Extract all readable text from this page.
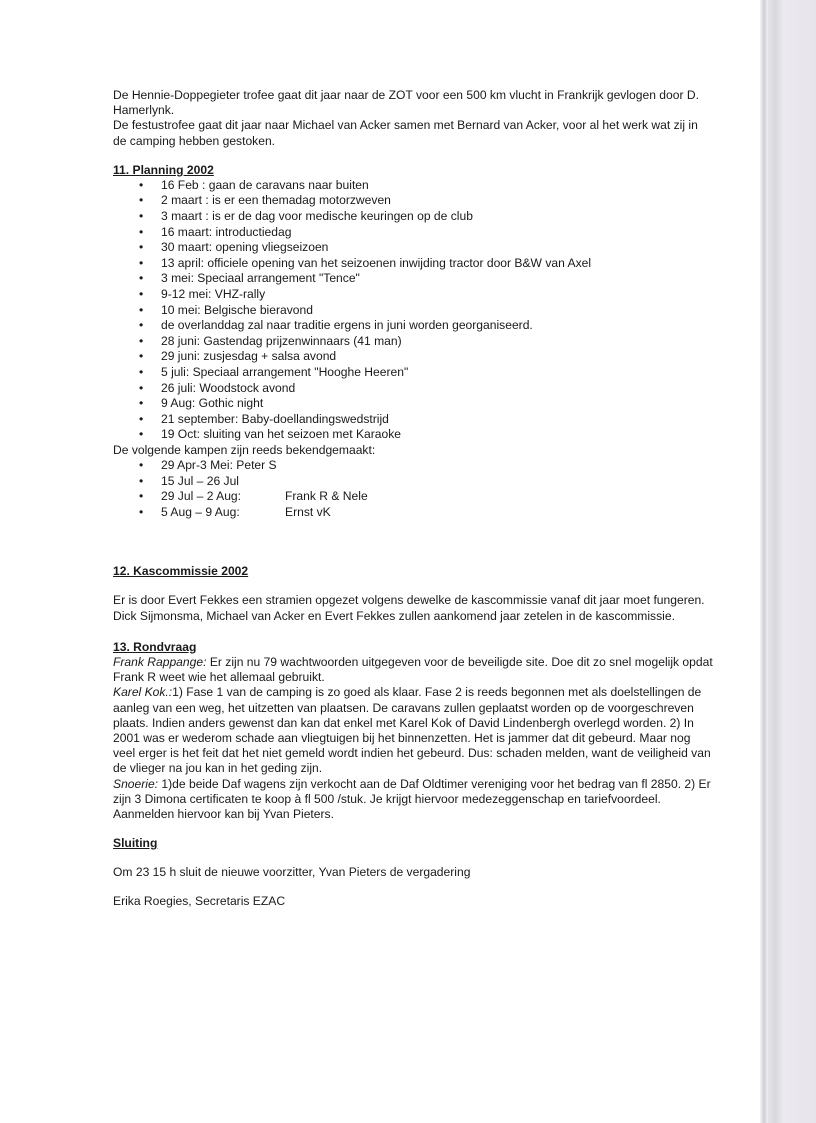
De Hennie-Doppegieter trofee gaat dit jaar naar de ZOT voor een 500 km vlucht in Frankrijk gevlogen door D. Hamerlynk.

De festustrofee gaat dit jaar naar Michael van Acker samen met Bernard van Acker, voor al het werk wat zij in de camping hebben gestoken.

11. Planning 2002
• 16 Feb : gaan de caravans naar buiten
• 2 maart : is er een themadag motorzweven
• 3 maart : is er de dag voor medische keuringen op de club
• 16 maart: introductiedag
• 30 maart: opening vliegseizoen
• 13 april: officiele opening van het seizoenen inwijding tractor door B&W van Axel
• 3 mei: Speciaal arrangement "Tence"
• 9-12 mei: VHZ-rally
• 10 mei: Belgische bieravond
• de overlanddag zal naar traditie ergens in juni worden georganiseerd.
• 28 juni: Gastendag prijzenwinnaars (41 man)
• 29 juni: zusjesdag + salsa avond
• 5 juli: Speciaal arrangement "Hooghe Heeren"
• 26 juli: Woodstock avond
• 9 Aug: Gothic night
• 21 september: Baby-doellandingswedstrijd
• 19 Oct: sluiting van het seizoen met Karaoke

De volgende kampen zijn reeds bekendgemaakt:

• 29 Apr-3 Mei: Peter S
• 15 Jul – 26 Jul
• 29 Jul – 2 Aug:	Frank R & Nele
• 5 Aug – 9 Aug:	Ernst vK
12. Kascommissie 2002

Er is door Evert Fekkes een stramien opgezet volgens dewelke de kascommissie vanaf dit jaar moet fungeren. Dick Sijmonsma, Michael van Acker en Evert Fekkes zullen aankomend jaar zetelen in de kascommissie.

13. Rondvraag

Frank Rappange: Er zijn nu 79 wachtwoorden uitgegeven voor de beveiligde site. Doe dit zo snel mogelijk opdat Frank R weet wie het allemaal gebruikt.

Karel Kok.:1) Fase 1 van de camping is zo goed als klaar. Fase 2 is reeds begonnen met als doelstellingen de aanleg van een weg, het uitzetten van plaatsen. De caravans zullen geplaatst worden op de voorgeschreven plaats. Indien anders gewenst dan kan dat enkel met Karel Kok of David Lindenbergh overlegd worden. 2) In 2001 was er wederom schade aan vliegtuigen bij het binnenzetten. Het is jammer dat dit gebeurd. Maar nog veel erger is het feit dat het niet gemeld wordt indien het gebeurd. Dus: schaden melden, want de veiligheid van de vlieger na jou kan in het geding zijn.

Snoerie: 1)de beide Daf wagens zijn verkocht aan de Daf Oldtimer vereniging voor het bedrag van fl 2850. 2) Er zijn 3 Dimona certificaten te koop à fl 500 /stuk. Je krijgt hiervoor medezeggenschap en tariefvoordeel. Aanmelden hiervoor kan bij Yvan Pieters.

Sluiting

Om 23 15 h sluit de nieuwe voorzitter, Yvan Pieters de vergadering

Erika Roegies, Secretaris EZAC
